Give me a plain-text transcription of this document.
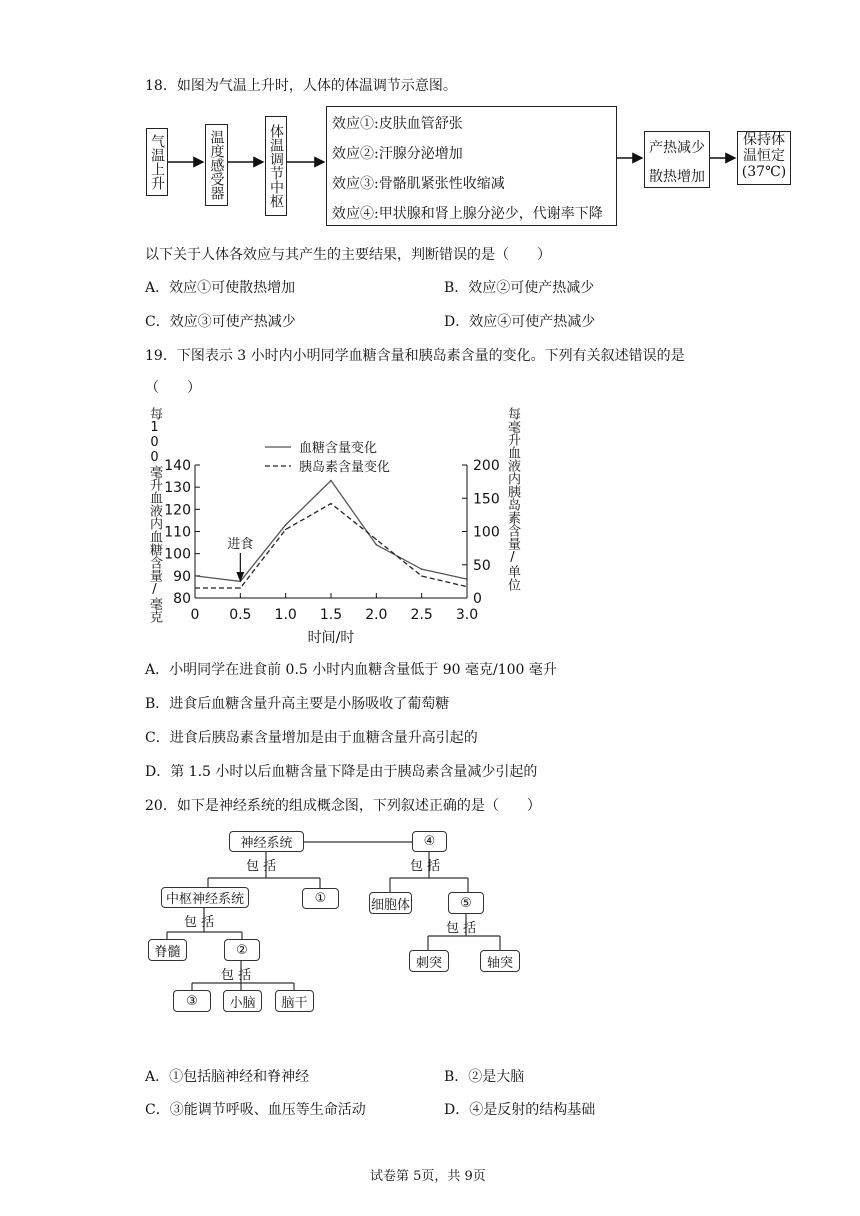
18．如图为气温上升时，人体的体温调节示意图。
气温上升	温度感受器	体温调节中枢	效应①:皮肤血管舒张
效应②:汗腺分泌增加
效应③:骨骼肌紧张性收缩减
效应④:甲状腺和肾上腺分泌少，代谢率下降
产热减少
散热增加
保持体
温恒定
(37℃)
以下关于人体各效应与其产生的主要结果，判断错误的是（　　）
A．效应①可使散热增加	B．效应②可使产热减少
C．效应③可使产热减少	D．效应④可使产热减少
19．下图表示 3 小时内小明同学血糖含量和胰岛素含量的变化。下列有关叙述错误的是
（　　）
每100毫升血液内血糖含量/毫克	每毫升血液内胰岛素含量/单位
80
90
100
110
120
130
140
0
50
100
150
200
0 0.5 1.0 1.5 2.0 2.5 3.0
时间/时
血糖含量变化
胰岛素含量变化
进食
A．小明同学在进食前 0.5 小时内血糖含量低于 90 毫克/100 毫升
B．进食后血糖含量升高主要是小肠吸收了葡萄糖
C．进食后胰岛素含量增加是由于血糖含量升高引起的
D．第 1.5 小时以后血糖含量下降是由于胰岛素含量减少引起的
20．如下是神经系统的组成概念图，下列叙述正确的是（　　）
神经系统	④
包 括	包 括
中枢神经系统	①	细胞体	⑤
包 括	包 括
脊髓	②
刺突	轴突
包 括
③	小脑	脑干
A．①包括脑神经和脊神经	B．②是大脑
C．③能调节呼吸、血压等生命活动	D．④是反射的结构基础
试卷第 5页，共 9页
